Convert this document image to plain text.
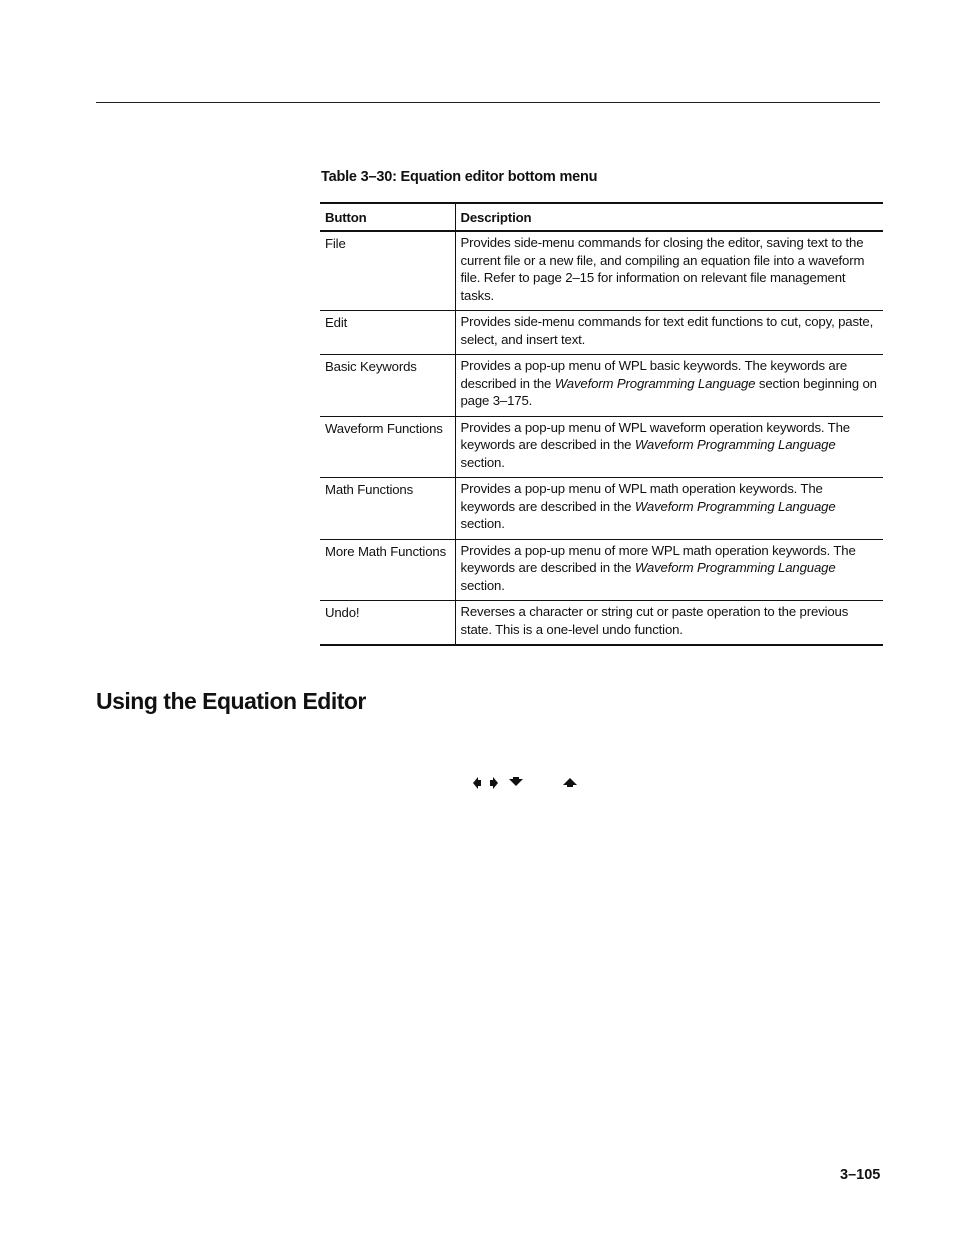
Table 3–30: Equation editor bottom menu
Button	Description
File	Provides side-menu commands for closing the editor, saving text to the current file or a new file, and compiling an equation file into a waveform file. Refer to page 2–15 for information on relevant file management tasks.
Edit	Provides side-menu commands for text edit functions to cut, copy, paste, select, and insert text.
Basic Keywords	Provides a pop-up menu of WPL basic keywords. The keywords are described in the Waveform Programming Language section beginning on page 3–175.
Waveform Functions	Provides a pop-up menu of WPL waveform operation keywords. The keywords are described in the Waveform Programming Language section.
Math Functions	Provides a pop-up menu of WPL math operation keywords. The keywords are described in the Waveform Programming Language section.
More Math Functions	Provides a pop-up menu of more WPL math operation keywords. The keywords are described in the Waveform Programming Language section.
Undo!	Reverses a character or string cut or paste operation to the previous state. This is a one-level undo function.
Using the Equation Editor
3–105
